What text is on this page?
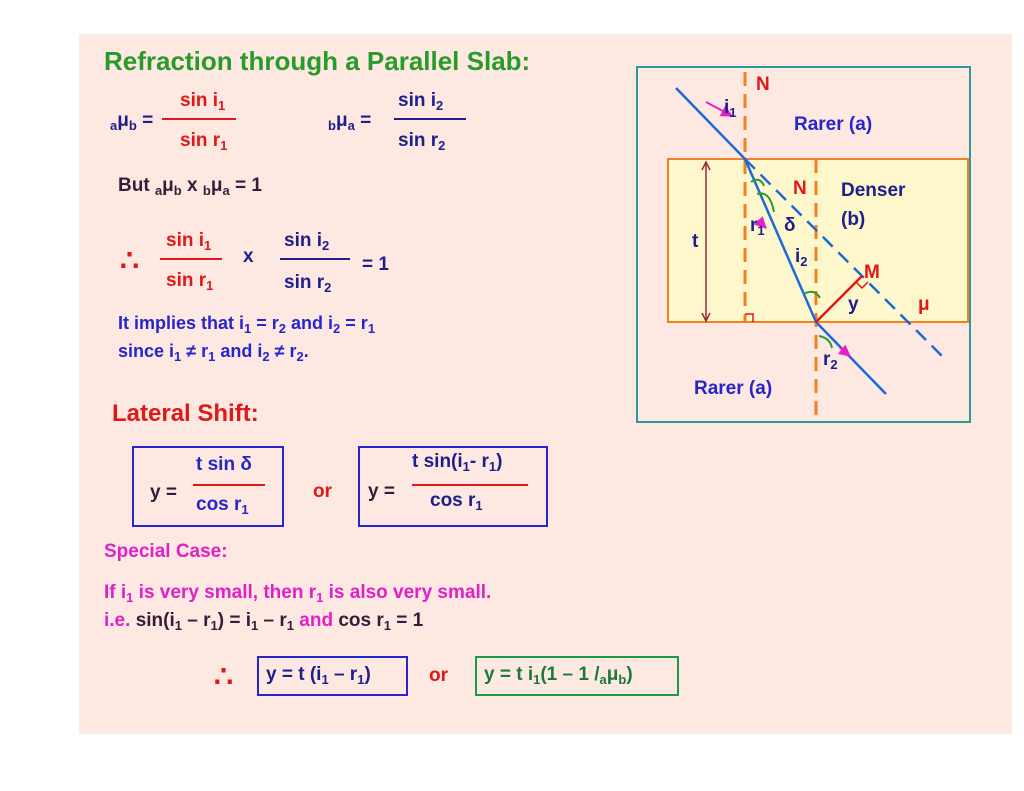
Refraction through a Parallel Slab:
$_a\mu_b$ =
$\sin i_1$
$\sin r_1$
$_b\mu_a$ =
$\sin i_2$
$\sin r_2$
But $_a\mu_b$ x $_b\mu_a = 1$
∴
$\sin i_1$
$\sin r_1$
x
$\sin i_2$
$\sin r_2$
= 1
It implies that $i_1 = r_2$ and $i_2 = r_1$
since $i_1 \ne r_1$ and $i_2 \ne r_2$.
Lateral Shift:
y =
t sin δ
$\cos r_1$
or y =
t $\sin(i_1-$ $r_1$)
$\cos r_1$
Special Case:
If $i_1$ is very small, then $r_1$ is also very small.
i.e. $\sin(i_1 - r_1) = i_1 - r_1$ and $\cos r_1 = 1$
∴ y = t $(i_1 - r_1)$	or y = t $i_1(1 - 1$ $/_a\mu_b$)
N
$i_1$
Rarer (a)
N Denser
(b)
t
$r_1$ δ
$i_2$
M
y	μ
$r_2$
Rarer (a)
